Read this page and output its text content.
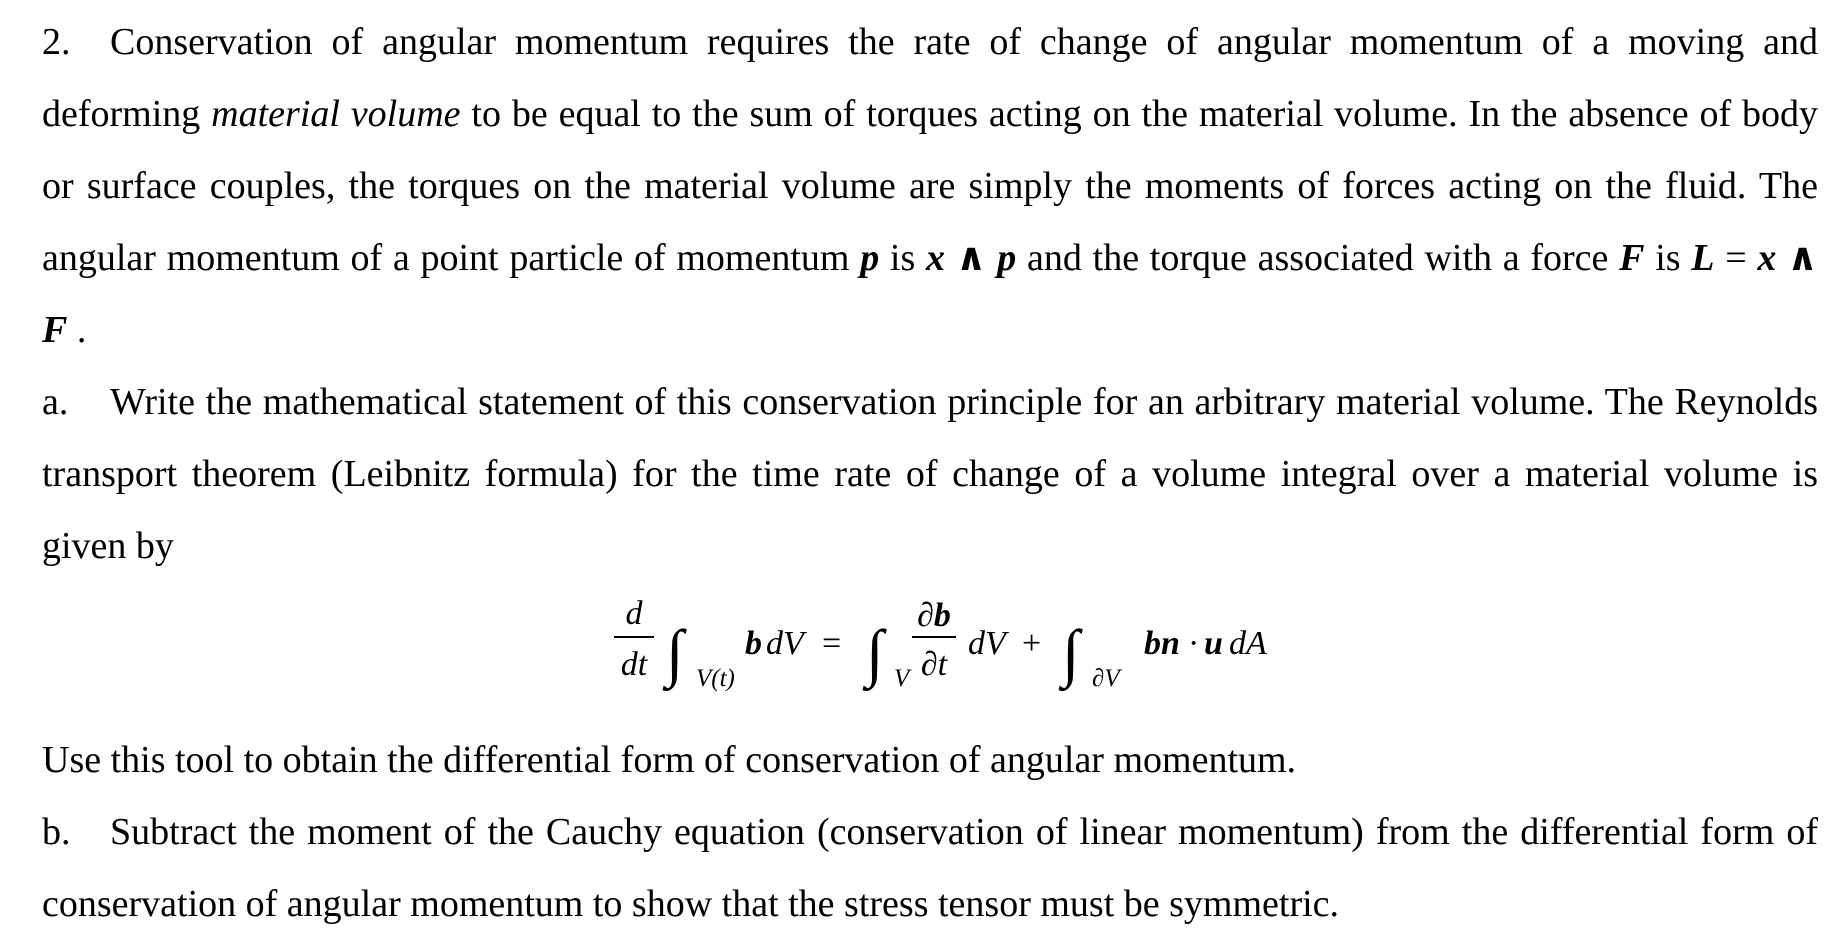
2. Conservation of angular momentum requires the rate of change of angular momentum of a moving and deforming material volume to be equal to the sum of torques acting on the material volume. In the absence of body or surface couples, the torques on the material volume are simply the moments of forces acting on the fluid. The angular momentum of a point particle of momentum p is x ∧ p and the torque associated with a force F is L = x ∧ F .

a. Write the mathematical statement of this conservation principle for an arbitrary material volume. The Reynolds transport theorem (Leibnitz formula) for the time rate of change of a volume integral over a material volume is given by

d
dt ∫ V(t)
b dV = ∫ V
∂b
∂t
dV + ∫ ∂V
bn · u dA

Use this tool to obtain the differential form of conservation of angular momentum.

b. Subtract the moment of the Cauchy equation (conservation of linear momentum) from the differential form of conservation of angular momentum to show that the stress tensor must be symmetric.
